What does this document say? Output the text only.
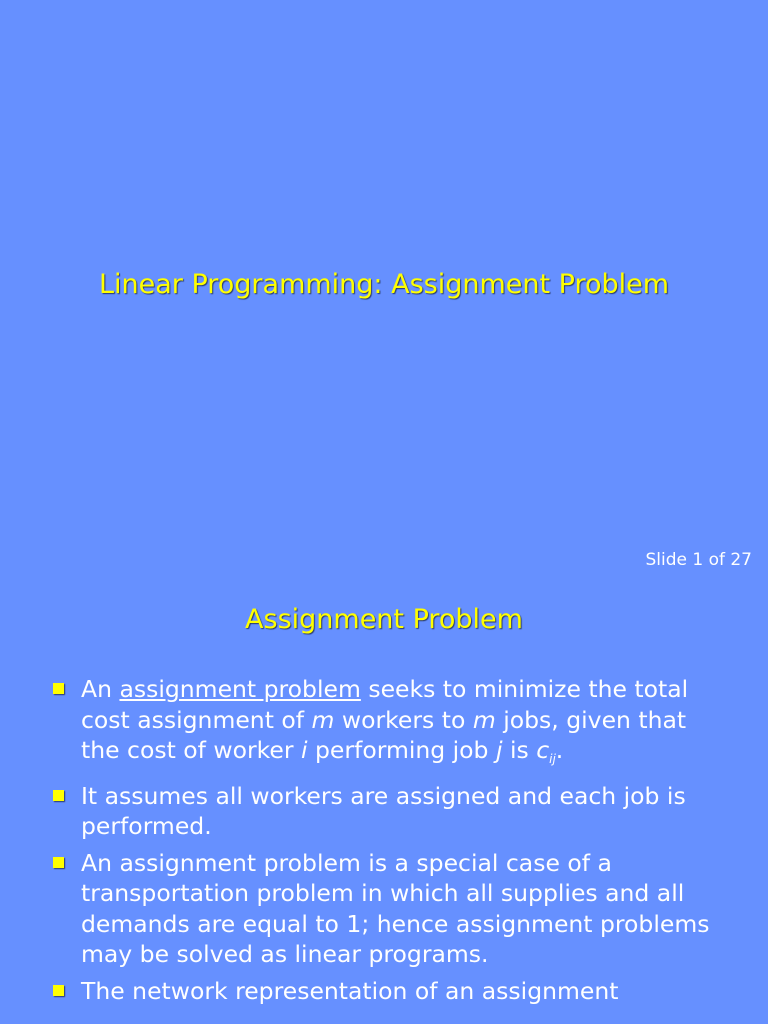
Linear Programming: Assignment Problem
Slide 1 of 27
Assignment Problem
An assignment problem seeks to minimize the total cost assignment of m workers to m jobs, given that the cost of worker i performing job j is $c_{ij}$.
It assumes all workers are assigned and each job is performed.
An assignment problem is a special case of a transportation problem in which all supplies and all demands are equal to 1; hence assignment problems may be solved as linear programs.
The network representation of an assignment
